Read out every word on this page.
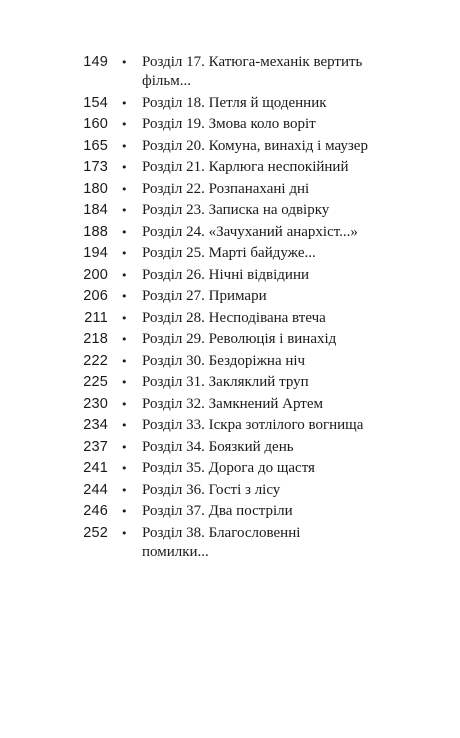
149 • Розділ 17. Катюга-механік вертить фільм...
154 • Розділ 18. Петля й щоденник
160 • Розділ 19. Змова коло воріт
165 • Розділ 20. Комуна, винахід і маузер
173 • Розділ 21. Карлюга неспокійний
180 • Розділ 22. Розпанахані дні
184 • Розділ 23. Записка на одвірку
188 • Розділ 24. «Зачуханий анархіст...»
194 • Розділ 25. Марті байдуже...
200 • Розділ 26. Нічні відвідини
206 • Розділ 27. Примари
211 • Розділ 28. Несподівана втеча
218 • Розділ 29. Революція і винахід
222 • Розділ 30. Бездоріжна ніч
225 • Розділ 31. Закляклий труп
230 • Розділ 32. Замкнений Артем
234 • Розділ 33. Іскра зотлілого вогнища
237 • Розділ 34. Боязкий день
241 • Розділ 35. Дорога до щастя
244 • Розділ 36. Гості з лісу
246 • Розділ 37. Два постріли
252 • Розділ 38. Благословенні помилки...
